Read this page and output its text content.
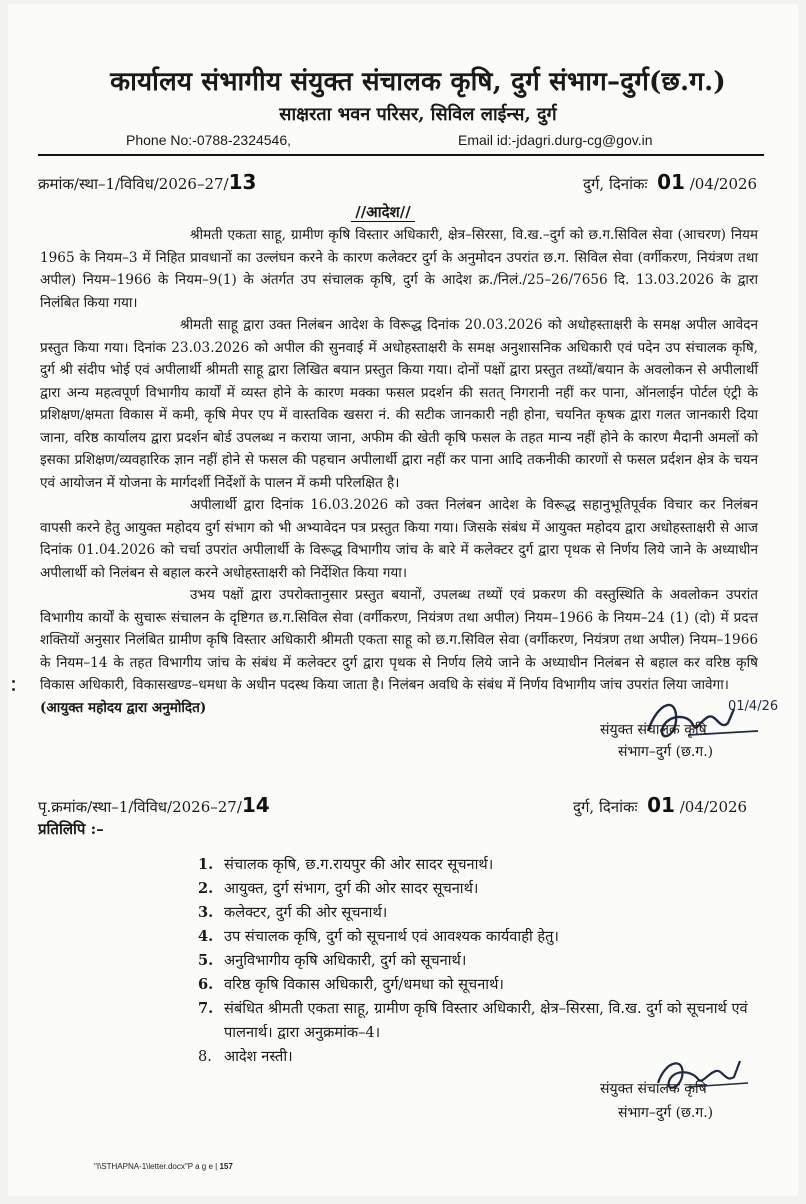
कार्यालय संभागीय संयुक्त संचालक कृषि, दुर्ग संभाग–दुर्ग(छ.ग.)
साक्षरता भवन परिसर, सिविल लाईन्स, दुर्ग
Phone No:-0788-2324546,	Email id:-jdagri.durg-cg@gov.in
क्रमांक/स्था–1/विविध/2026–27/13	दुर्ग, दिनांकः 01 /04/2026
//आदेश//

श्रीमती एकता साहू, ग्रामीण कृषि विस्तार अधिकारी, क्षेत्र–सिरसा, वि.ख.–दुर्ग को छ.ग.सिविल सेवा (आचरण) नियम 1965 के नियम–3 में निहित प्रावधानों का उल्लंघन करने के कारण कलेक्टर दुर्ग के अनुमोदन उपरांत छ.ग. सिविल सेवा (वर्गीकरण, नियंत्रण तथा अपील) नियम–1966 के नियम–9(1) के अंतर्गत उप संचालक कृषि, दुर्ग के आदेश क्र./निलं./25–26/7656 दि. 13.03.2026 के द्वारा निलंबित किया गया।

श्रीमती साहू द्वारा उक्त निलंबन आदेश के विरूद्ध दिनांक 20.03.2026 को अधोहस्ताक्षरी के समक्ष अपील आवेदन प्रस्तुत किया गया। दिनांक 23.03.2026 को अपील की सुनवाई में अधोहस्ताक्षरी के समक्ष अनुशासनिक अधिकारी एवं पदेन उप संचालक कृषि, दुर्ग श्री संदीप भोई एवं अपीलार्थी श्रीमती साहू द्वारा लिखित बयान प्रस्तुत किया गया। दोनों पक्षों द्वारा प्रस्तुत तथ्यों/बयान के अवलोकन से अपीलार्थी द्वारा अन्य महत्वपूर्ण विभागीय कार्यों में व्यस्त होने के कारण मक्का फसल प्रदर्शन की सतत् निगरानी नहीं कर पाना, ऑनलाईन पोर्टल एंट्री के प्रशिक्षण/क्षमता विकास में कमी, कृषि मेपर एप में वास्तविक खसरा नं. की सटीक जानकारी नही होना, चयनित कृषक द्वारा गलत जानकारी दिया जाना, वरिष्ठ कार्यालय द्वारा प्रदर्शन बोर्ड उपलब्ध न कराया जाना, अफीम की खेती कृषि फसल के तहत मान्य नहीं होने के कारण मैदानी अमलों को इसका प्रशिक्षण/व्यवहारिक ज्ञान नहीं होने से फसल की पहचान अपीलार्थी द्वारा नहीं कर पाना आदि तकनीकी कारणों से फसल प्रर्दशन क्षेत्र के चयन एवं आयोजन में योजना के मार्गदर्शी निर्देशों के पालन में कमी परिलक्षित है।

अपीलार्थी द्वारा दिनांक 16.03.2026 को उक्त निलंबन आदेश के विरूद्ध सहानुभूतिपूर्वक विचार कर निलंबन वापसी करने हेतु आयुक्त महोदय दुर्ग संभाग को भी अभ्यावेदन पत्र प्रस्तुत किया गया। जिसके संबंध में आयुक्त महोदय द्वारा अधोहस्ताक्षरी से आज दिनांक 01.04.2026 को चर्चा उपरांत अपीलार्थी के विरूद्ध विभागीय जांच के बारे में कलेक्टर दुर्ग द्वारा पृथक से निर्णय लिये जाने के अध्याधीन अपीलार्थी को निलंबन से बहाल करने अधोहस्ताक्षरी को निर्देशित किया गया।

उभय पक्षों द्वारा उपरोक्तानुसार प्रस्तुत बयानों, उपलब्ध तथ्यों एवं प्रकरण की वस्तुस्थिति के अवलोकन उपरांत विभागीय कार्यों के सुचारू संचालन के दृष्टिगत छ.ग.सिविल सेवा (वर्गीकरण, नियंत्रण तथा अपील) नियम–1966 के नियम–24 (1) (दो) में प्रदत्त शक्तियों अनुसार निलंबित ग्रामीण कृषि विस्तार अधिकारी श्रीमती एकता साहू को छ.ग.सिविल सेवा (वर्गीकरण, नियंत्रण तथा अपील) नियम–1966 के नियम–14 के तहत विभागीय जांच के संबंध में कलेक्टर दुर्ग द्वारा पृथक से निर्णय लिये जाने के अध्याधीन निलंबन से बहाल कर वरिष्ठ कृषि विकास अधिकारी, विकासखण्ड–धमधा के अधीन पदस्थ किया जाता है। निलंबन अवधि के संबंध में निर्णय विभागीय जांच उपरांत लिया जावेगा।

(आयुक्त महोदय द्वारा अनुमोदित)	01/4/26
संयुक्त संचालक कृषि
संभाग–दुर्ग (छ.ग.)
पृ.क्रमांक/स्था–1/विविध/2026–27/14	दुर्ग, दिनांकः 01 /04/2026
प्रतिलिपि :–
1. संचालक कृषि, छ.ग.रायपुर की ओर सादर सूचनार्थ।
2. आयुक्त, दुर्ग संभाग, दुर्ग की ओर सादर सूचनार्थ।
3. कलेक्टर, दुर्ग की ओर सूचनार्थ।
4. उप संचालक कृषि, दुर्ग को सूचनार्थ एवं आवश्यक कार्यवाही हेतु।
5. अनुविभागीय कृषि अधिकारी, दुर्ग को सूचनार्थ।
6. वरिष्ठ कृषि विकास अधिकारी, दुर्ग/धमधा को सूचनार्थ।
7. संबंधित श्रीमती एकता साहू, ग्रामीण कृषि विस्तार अधिकारी, क्षेत्र–सिरसा, वि.ख. दुर्ग को सूचनार्थ एवं पालनार्थ। द्वारा अनुक्रमांक–4।
8. आदेश नस्ती।
संयुक्त संचालक कृषि
संभाग–दुर्ग (छ.ग.)
"I\STHAPNA-1\letter.docx"P a g e | 157
